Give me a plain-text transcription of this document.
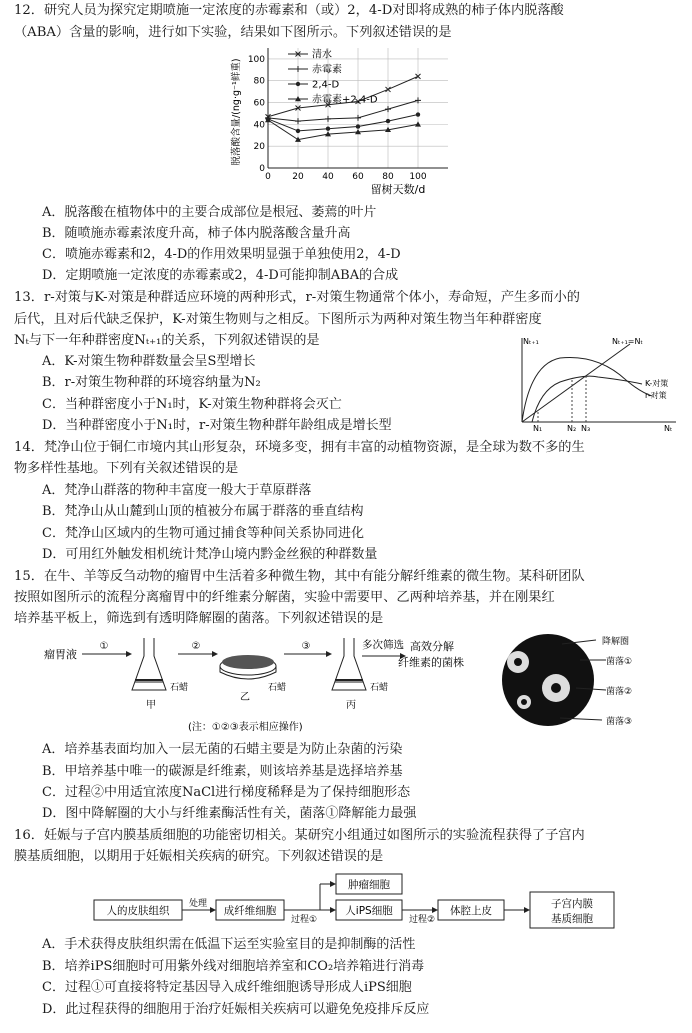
12．研究人员为探究定期喷施一定浓度的赤霉素和（或）2，4-D对即将成熟的柿子体内脱落酸
（ABA）含量的影响，进行如下实验，结果如下图所示。下列叙述错误的是
0
20
40
60
80
100
0 20 40 60 80 100
清水
赤霉素
2,4-D
赤霉素+2,4-D
留树天数/d
脱落酸含量/(ng·g⁻¹鲜重)
A．脱落酸在植物体中的主要合成部位是根冠、萎蔫的叶片
B．随喷施赤霉素浓度升高，柿子体内脱落酸含量升高
C．喷施赤霉素和2，4-D的作用效果明显强于单独使用2，4-D
D．定期喷施一定浓度的赤霉素或2，4-D可能抑制ABA的合成
13．r-对策与K-对策是种群适应环境的两种形式，r-对策生物通常个体小，寿命短，产生多而小的
后代，且对后代缺乏保护，K-对策生物则与之相反。下图所示为两种对策生物当年种群密度
Nₜ与下一年种群密度Nₜ₊₁的关系，下列叙述错误的是
A．K-对策生物种群数量会呈S型增长
B．r-对策生物种群的环境容纳量为N₂
C．当种群密度小于N₁时，K-对策生物种群将会灭亡
D．当种群密度小于N₁时，r-对策生物种群年龄组成是增长型
Nₜ₊₁	Nₜ₊₁=Nₜ
K-对策
r-对策
N₁	N₂ N₃	Nₜ
14．梵净山位于铜仁市境内其山形复杂，环境多变，拥有丰富的动植物资源，是全球为数不多的生
物多样性基地。下列有关叙述错误的是
A．梵净山群落的物种丰富度一般大于草原群落
B．梵净山从山麓到山顶的植被分布属于群落的垂直结构
C．梵净山区域内的生物可通过捕食等种间关系协同进化
D．可用红外触发相机统计梵净山境内黔金丝猴的种群数量
15．在牛、羊等反刍动物的瘤胃中生活着多种微生物，其中有能分解纤维素的微生物。某科研团队
按照如图所示的流程分离瘤胃中的纤维素分解菌，实验中需要甲、乙两种培养基，并在刚果红
培养基平板上，筛选到有透明降解圈的菌落。下列叙述错误的是
瘤胃液
①
石蜡
甲
②
石蜡
乙
③
石蜡
丙
多次筛选 高效分解
纤维素的菌株
(注：①②③表示相应操作)
降解圈
菌落①
菌落②
菌落③
A．培养基表面均加入一层无菌的石蜡主要是为防止杂菌的污染
B．甲培养基中唯一的碳源是纤维素，则该培养基是选择培养基
C．过程②中用适宜浓度NaCl进行梯度稀释是为了保持细胞形态
D．图中降解圈的大小与纤维素酶活性有关，菌落①降解能力最强
16．妊娠与子宫内膜基质细胞的功能密切相关。某研究小组通过如图所示的实验流程获得了子宫内
膜基质细胞，以期用于妊娠相关疾病的研究。下列叙述错误的是
人的皮肤组织
处理
成纤维细胞
过程①
肿瘤细胞
人iPS细胞
过程②
体腔上皮
子宫内膜
基质细胞
A．手术获得皮肤组织需在低温下运至实验室目的是抑制酶的活性
B．培养iPS细胞时可用紫外线对细胞培养室和CO₂培养箱进行消毒
C．过程①可直接将特定基因导入成纤维细胞诱导形成人iPS细胞
D．此过程获得的细胞用于治疗妊娠相关疾病可以避免免疫排斥反应
